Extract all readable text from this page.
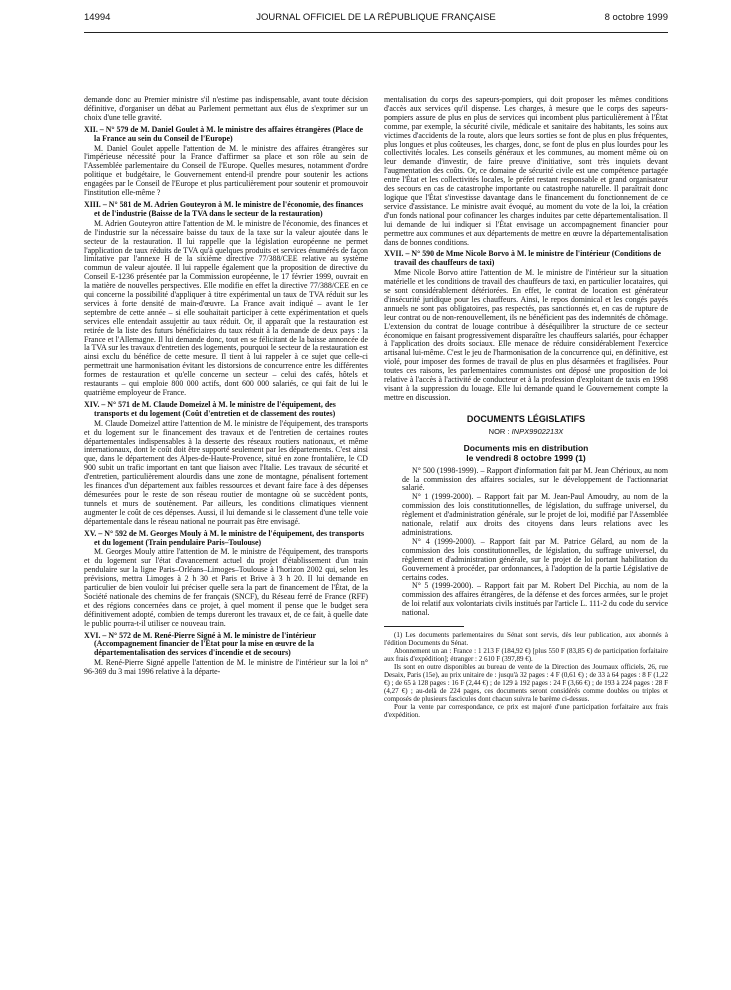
14994	JOURNAL OFFICIEL DE LA RÉPUBLIQUE FRANÇAISE	8 octobre 1999

demande donc au Premier ministre s'il n'estime pas indispensable, avant toute décision définitive, d'organiser un débat au Parlement permettant aux élus de s'exprimer sur un choix d'une telle gravité.

XII. – N° 579 de M. Daniel Goulet à M. le ministre des affaires étrangères (Place de la France au sein du Conseil de l'Europe)

M. Daniel Goulet appelle l'attention de M. le ministre des affaires étrangères sur l'impérieuse nécessité pour la France d'affirmer sa place et son rôle au sein de l'Assemblée parlementaire du Conseil de l'Europe. Quelles mesures, notamment d'ordre politique et budgétaire, le Gouvernement entend-il prendre pour soutenir les actions engagées par le Conseil de l'Europe et plus particulièrement pour soutenir et promouvoir l'institution elle-même ?

XIII. – N° 581 de M. Adrien Gouteyron à M. le ministre de l'économie, des finances et de l'industrie (Baisse de la TVA dans le secteur de la restauration)

M. Adrien Gouteyron attire l'attention de M. le ministre de l'économie, des finances et de l'industrie sur la nécessaire baisse du taux de la taxe sur la valeur ajoutée dans le secteur de la restauration. Il lui rappelle que la législation européenne ne permet l'application de taux réduits de TVA qu'à quelques produits et services énumérés de façon limitative par l'annexe H de la sixième directive 77/388/CEE relative au système commun de valeur ajoutée. Il lui rappelle également que la proposition de directive du Conseil E-1236 présentée par la Commission européenne, le 17 février 1999, ouvrait en la matière de nouvelles perspectives. Elle modifie en effet la directive 77/388/CEE en ce qui concerne la possibilité d'appliquer à titre expérimental un taux de TVA réduit sur les services à forte densité de main-d'œuvre. La France avait indiqué – avant le 1er septembre de cette année – si elle souhaitait participer à cette expérimentation et quels services elle entendait assujettir au taux réduit. Or, il apparaît que la restauration est retirée de la liste des futurs bénéficiaires du taux réduit à la demande de deux pays : la France et l'Allemagne. Il lui demande donc, tout en se félicitant de la baisse annoncée de la TVA sur les travaux d'entretien des logements, pourquoi le secteur de la restauration est ainsi exclu du bénéfice de cette mesure. Il tient à lui rappeler à ce sujet que celle-ci permettrait une harmonisation évitant les distorsions de concurrence entre les différentes formes de restauration et qu'elle concerne un secteur – celui des cafés, hôtels et restaurants – qui emploie 800 000 actifs, dont 600 000 salariés, ce qui fait de lui le quatrième employeur de France.

XIV. – N° 571 de M. Claude Domeizel à M. le ministre de l'équipement, des transports et du logement (Coût d'entretien et de classement des routes)

M. Claude Domeizel attire l'attention de M. le ministre de l'équipement, des transports et du logement sur le financement des travaux et de l'entretien de certaines routes départementales indispensables à la desserte des réseaux routiers nationaux, et même internationaux, dont le coût doit être supporté seulement par les départements. C'est ainsi que, dans le département des Alpes-de-Haute-Provence, situé en zone frontalière, le CD 900 subit un trafic important en tant que liaison avec l'Italie. Les travaux de sécurité et d'entretien, particulièrement alourdis dans une zone de montagne, pénalisent fortement les finances d'un département aux faibles ressources et devant faire face à des dépenses démesurées pour le reste de son réseau routier de montagne où se succèdent ponts, tunnels et murs de soutènement. Par ailleurs, les conditions climatiques viennent augmenter le coût de ces dépenses. Aussi, il lui demande si le classement d'une telle voie départementale dans le réseau national ne pourrait pas être envisagé.

XV. – N° 592 de M. Georges Mouly à M. le ministre de l'équipement, des transports et du logement (Train pendulaire Paris–Toulouse)

M. Georges Mouly attire l'attention de M. le ministre de l'équipement, des transports et du logement sur l'état d'avancement actuel du projet d'établissement d'un train pendulaire sur la ligne Paris–Orléans–Limoges–Toulouse à l'horizon 2002 qui, selon les prévisions, mettra Limoges à 2 h 30 et Paris et Brive à 3 h 20. Il lui demande en particulier de bien vouloir lui préciser quelle sera la part de financement de l'État, de la Société nationale des chemins de fer français (SNCF), du Réseau ferré de France (RFF) et des régions concernées dans ce projet, à quel moment il pense que le budget sera définitivement adopté, combien de temps dureront les travaux et, de ce fait, à quelle date le public pourra-t-il utiliser ce nouveau train.

XVI. – N° 572 de M. René-Pierre Signé à M. le ministre de l'intérieur (Accompagnement financier de l'État pour la mise en œuvre de la départementalisation des services d'incendie et de secours)

M. René-Pierre Signé appelle l'attention de M. le ministre de l'intérieur sur la loi n° 96-369 du 3 mai 1996 relative à la départe-

mentalisation du corps des sapeurs-pompiers, qui doit proposer les mêmes conditions d'accès aux services qu'il dispense. Les charges, à mesure que le corps des sapeurs-pompiers assure de plus en plus de services qui incombent plus particulièrement à l'État comme, par exemple, la sécurité civile, médicale et sanitaire des habitants, les soins aux victimes d'accidents de la route, alors que leurs sorties se font de plus en plus fréquentes, plus longues et plus coûteuses, les charges, donc, se font de plus en plus lourdes pour les collectivités locales. Les conseils généraux et les communes, au moment même où on leur demande d'investir, de faire preuve d'initiative, sont très inquiets devant l'augmentation des coûts. Or, ce domaine de sécurité civile est une compétence partagée entre l'État et les collectivités locales, le préfet restant responsable et grand organisateur des secours en cas de catastrophe importante ou catastrophe naturelle. Il paraîtrait donc logique que l'État s'investisse davantage dans le financement du fonctionnement de ce service d'assistance. Le ministre avait évoqué, au moment du vote de la loi, la création d'un fonds national pour cofinancer les charges induites par cette départementalisation. Il lui demande de lui indiquer si l'État envisage un accompagnement financier pour permettre aux communes et aux départements de mettre en œuvre la départementalisation dans de bonnes conditions.

XVII. – N° 590 de Mme Nicole Borvo à M. le ministre de l'intérieur (Conditions de travail des chauffeurs de taxi)

Mme Nicole Borvo attire l'attention de M. le ministre de l'intérieur sur la situation matérielle et les conditions de travail des chauffeurs de taxi, en particulier locataires, qui se sont considérablement détériorées. En effet, le contrat de location est générateur d'insécurité juridique pour les chauffeurs. Ainsi, le repos dominical et les congés payés annuels ne sont pas obligatoires, pas respectés, pas sanctionnés et, en cas de rupture de leur contrat ou de non-renouvellement, ils ne bénéficient pas des indemnités de chômage. L'extension du contrat de louage contribue à déséquilibrer la structure de ce secteur économique en faisant progressivement disparaître les chauffeurs salariés, pour échapper à l'application des droits sociaux. Elle menace de réduire considérablement l'exercice artisanal lui-même. C'est le jeu de l'harmonisation de la concurrence qui, en définitive, est violé, pour imposer des formes de travail de plus en plus désarmées et fragilisées. Pour toutes ces raisons, les parlementaires communistes ont déposé une proposition de loi relative à l'accès à l'activité de conducteur et à la profession d'exploitant de taxis en 1998 visant à la suppression du louage. Elle lui demande quand le Gouvernement compte la mettre en discussion.

DOCUMENTS LÉGISLATIFS
NOR : INPX9902213X
Documents mis en distribution
le vendredi 8 octobre 1999 (1)

N° 500 (1998-1999). – Rapport d'information fait par M. Jean Chérioux, au nom de la commission des affaires sociales, sur le développement de l'actionnariat salarié.

N° 1 (1999-2000). – Rapport fait par M. Jean-Paul Amoudry, au nom de la commission des lois constitutionnelles, de législation, du suffrage universel, du règlement et d'administration générale, sur le projet de loi, modifié par l'Assemblée nationale, relatif aux droits des citoyens dans leurs relations avec les administrations.

N° 4 (1999-2000). – Rapport fait par M. Patrice Gélard, au nom de la commission des lois constitutionnelles, de législation, du suffrage universel, du règlement et d'administration générale, sur le projet de loi portant habilitation du Gouvernement à procéder, par ordonnances, à l'adoption de la partie Législative de certains codes.

N° 5 (1999-2000). – Rapport fait par M. Robert Del Picchia, au nom de la commission des affaires étrangères, de la défense et des forces armées, sur le projet de loi relatif aux volontariats civils institués par l'article L. 111-2 du code du service national.

(1) Les documents parlementaires du Sénat sont servis, dès leur publication, aux abonnés à l'édition Documents du Sénat.

Abonnement un an : France : 1 213 F (184,92 €) [plus 550 F (83,85 €) de participation forfaitaire aux frais d'expédition]; étranger : 2 610 F (397,89 €).

Ils sont en outre disponibles au bureau de vente de la Direction des Journaux officiels, 26, rue Desaix, Paris (15e), au prix unitaire de : jusqu'à 32 pages : 4 F (0,61 €) ; de 33 à 64 pages : 8 F (1,22 €) ; de 65 à 128 pages : 16 F (2,44 €) ; de 129 à 192 pages : 24 F (3,66 €) ; de 193 à 224 pages : 28 F (4,27 €) ; au-delà de 224 pages, ces documents seront considérés comme doubles ou triples et composés de plusieurs fascicules dont chacun suivra le barème ci-dessus.

Pour la vente par correspondance, ce prix est majoré d'une participation forfaitaire aux frais d'expédition.
